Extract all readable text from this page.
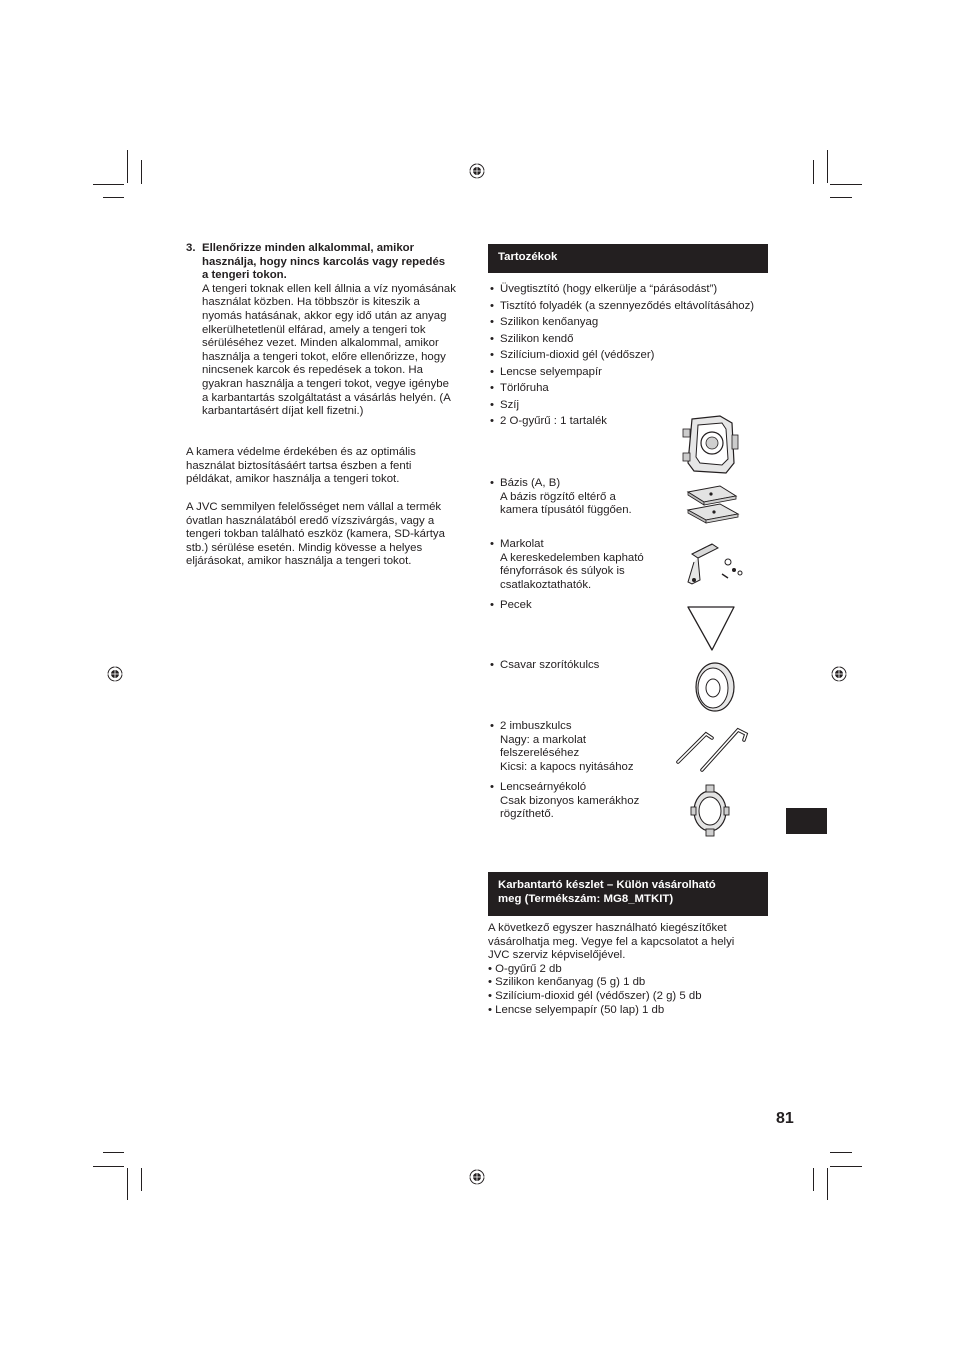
3. Ellenőrizze minden alkalommal, amikor
használja, hogy nincs karcolás vagy repedés
a tengeri tokon.
A tengeri toknak ellen kell állnia a víz nyomásának
használat közben. Ha többször is kiteszik a
nyomás hatásának, akkor egy idő után az anyag
elkerülhetetlenül elfárad, amely a tengeri tok
sérüléséhez vezet. Minden alkalommal, amikor
használja a tengeri tokot, előre ellenőrizze, hogy
nincsenek karcok és repedések a tokon. Ha
gyakran használja a tengeri tokot, vegye igénybe
a karbantartás szolgáltatást a vásárlás helyén. (A
karbantartásért díjat kell fizetni.)
A kamera védelme érdekében és az optimális
használat biztosításáért tartsa észben a fenti
példákat, amikor használja a tengeri tokot.
A JVC semmilyen felelősséget nem vállal a termék
óvatlan használatából eredő vízszivárgás, vagy a
tengeri tokban található eszköz (kamera, SD-kártya
stb.) sérülése esetén. Mindig kövesse a helyes
eljárásokat, amikor használja a tengeri tokot.
Tartozékok
• Üvegtisztító (hogy elkerülje a “párásodást”)
• Tisztító folyadék (a szennyeződés eltávolításához)
• Szilikon kenőanyag
• Szilikon kendő
• Szilícium-dioxid gél (védőszer)
• Lencse selyempapír
• Törlőruha
• Szíj
• 2 O-gyűrű : 1 tartalék
• Bázis (A, B)
A bázis rögzítő eltérő a
kamera típusától függően.
• Markolat
A kereskedelemben kapható
fényforrások és súlyok is
csatlakoztathatók.
• Pecek
• Csavar szorítókulcs
• 2 imbuszkulcs
Nagy: a markolat
felszereléséhez
Kicsi: a kapocs nyitásához
• Lencseárnyékoló
Csak bizonyos kamerákhoz
rögzíthető.
Karbantartó készlet – Külön vásárolható
meg (Termékszám: MG8_MTKIT)
A következő egyszer használható kiegészítőket
vásárolhatja meg. Vegye fel a kapcsolatot a helyi
JVC szerviz képviselőjével.
• O-gyűrű 2 db
• Szilikon kenőanyag (5 g) 1 db
• Szilícium-dioxid gél (védőszer) (2 g) 5 db
• Lencse selyempapír (50 lap) 1 db
81
